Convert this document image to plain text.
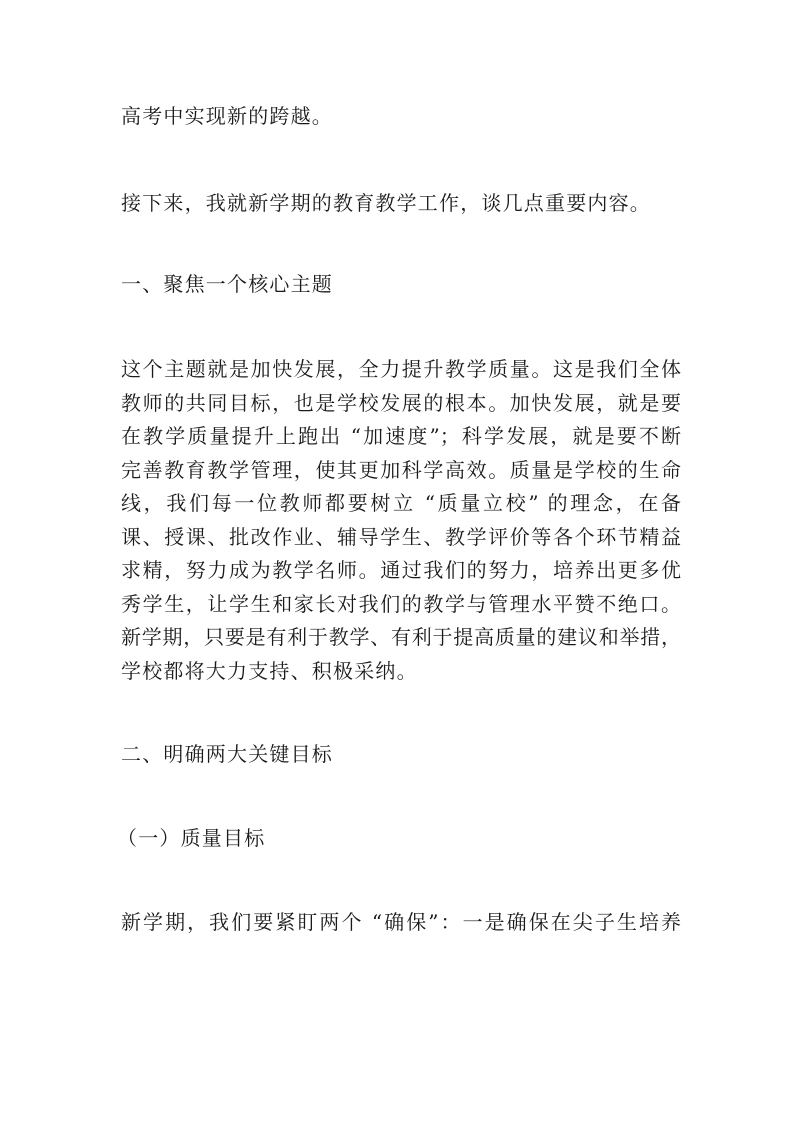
高考中实现新的跨越。
接下来，我就新学期的教育教学工作，谈几点重要内容。
一、聚焦一个核心主题
这个主题就是加快发展，全力提升教学质量。这是我们全体
教师的共同目标，也是学校发展的根本。加快发展，就是要
在教学质量提升上跑出 “加速度”；科学发展，就是要不断
完善教育教学管理，使其更加科学高效。质量是学校的生命
线，我们每一位教师都要树立 “质量立校” 的理念，在备
课、授课、批改作业、辅导学生、教学评价等各个环节精益
求精，努力成为教学名师。通过我们的努力，培养出更多优
秀学生，让学生和家长对我们的教学与管理水平赞不绝口。
新学期，只要是有利于教学、有利于提高质量的建议和举措，
学校都将大力支持、积极采纳。
二、明确两大关键目标
（一）质量目标
新学期，我们要紧盯两个 “确保”：一是确保在尖子生培养
